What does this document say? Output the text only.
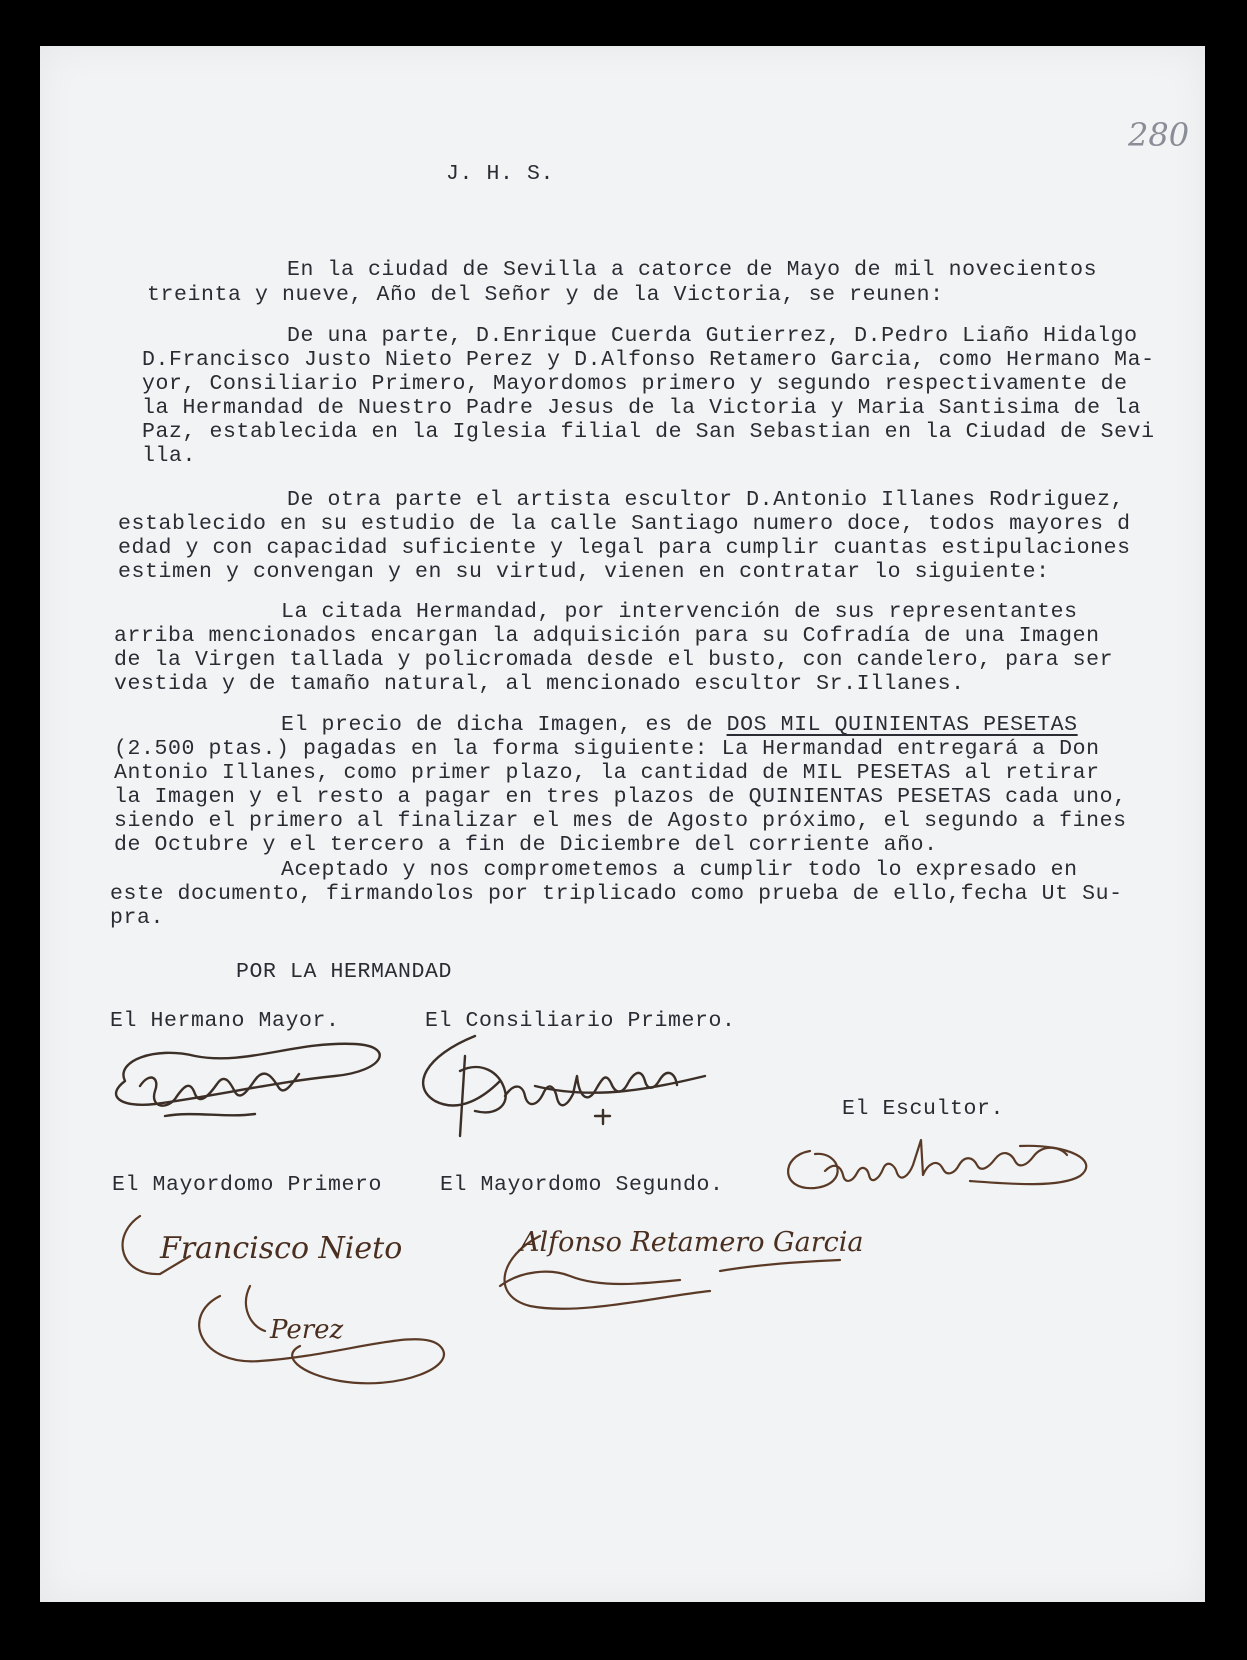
280
J. H. S.

En la ciudad de Sevilla a catorce de Mayo de mil novecientos

treinta y nueve, Año del Señor y de la Victoria, se reunen:

De una parte, D.Enrique Cuerda Gutierrez, D.Pedro Liaño Hidalgo

D.Francisco Justo Nieto Perez y D.Alfonso Retamero Garcia, como Hermano Ma-

yor, Consiliario Primero, Mayordomos primero y segundo respectivamente de

la Hermandad de Nuestro Padre Jesus de la Victoria y Maria Santisima de la

Paz, establecida en la Iglesia filial de San Sebastian en la Ciudad de Sevi

lla.

De otra parte el artista escultor D.Antonio Illanes Rodriguez,

establecido en su estudio de la calle Santiago numero doce, todos mayores d

edad y con capacidad suficiente y legal para cumplir cuantas estipulaciones

estimen y convengan y en su virtud, vienen en contratar lo siguiente:

La citada Hermandad, por intervención de sus representantes

arriba mencionados encargan la adquisición para su Cofradía de una Imagen

de la Virgen tallada y policromada desde el busto, con candelero, para ser

vestida y de tamaño natural, al mencionado escultor Sr.Illanes.

El precio de dicha Imagen, es de DOS MIL QUINIENTAS PESETAS

(2.500 ptas.) pagadas en la forma siguiente: La Hermandad entregará a Don

Antonio Illanes, como primer plazo, la cantidad de MIL PESETAS al retirar

la Imagen y el resto a pagar en tres plazos de QUINIENTAS PESETAS cada uno,

siendo el primero al finalizar el mes de Agosto próximo, el segundo a fines

de Octubre y el tercero a fin de Diciembre del corriente año.

Aceptado y nos comprometemos a cumplir todo lo expresado en

este documento, firmandolos por triplicado como prueba de ello,fecha Ut Su-

pra.

POR LA HERMANDAD
El Hermano Mayor.	El Consiliario Primero.
El Escultor.
El Mayordomo Primero	El Mayordomo Segundo.
Francisco Nieto
Perez
Alfonso Retamero Garcia
